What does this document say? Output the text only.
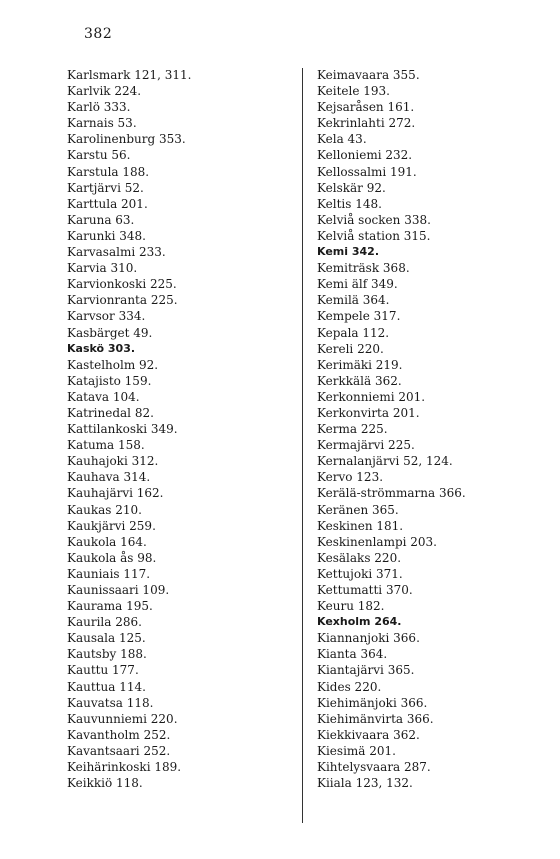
382
Karlsmark 121, 311.
Karlvik 224.
Karlö 333.
Karnais 53.
Karolinenburg 353.
Karstu 56.
Karstula 188.
Kartjärvi 52.
Karttula 201.
Karuna 63.
Karunki 348.
Karvasalmi 233.
Karvia 310.
Karvionkoski 225.
Karvionranta 225.
Karvsor 334.
Kasbärget 49.
Kaskö 303.
Kastelholm 92.
Katajisto 159.
Katava 104.
Katrinedal 82.
Kattilankoski 349.
Katuma 158.
Kauhajoki 312.
Kauhava 314.
Kauhajärvi 162.
Kaukas 210.
Kaukjärvi 259.
Kaukola 164.
Kaukola ås 98.
Kauniais 117.
Kaunissaari 109.
Kaurama 195.
Kaurila 286.
Kausala 125.
Kautsby 188.
Kauttu 177.
Kauttua 114.
Kauvatsa 118.
Kauvunniemi 220.
Kavantholm 252.
Kavantsaari 252.
Keihärinkoski 189.
Keikkiö 118.
Keimavaara 355.
Keitele 193.
Kejsaråsen 161.
Kekrinlahti 272.
Kela 43.
Kelloniemi 232.
Kellossalmi 191.
Kelskär 92.
Keltis 148.
Kelviå socken 338.
Kelviå station 315.
Kemi 342.
Kemiträsk 368.
Kemi älf 349.
Kemilä 364.
Kempele 317.
Kepala 112.
Kereli 220.
Kerimäki 219.
Kerkkälä 362.
Kerkonniemi 201.
Kerkonvirta 201.
Kerma 225.
Kermajärvi 225.
Kernalanjärvi 52, 124.
Kervo 123.
Kerälä-strömmarna 366.
Keränen 365.
Keskinen 181.
Keskinenlampi 203.
Kesälaks 220.
Kettujoki 371.
Kettumatti 370.
Keuru 182.
Kexholm 264.
Kiannanjoki 366.
Kianta 364.
Kiantajärvi 365.
Kides 220.
Kiehimänjoki 366.
Kiehimänvirta 366.
Kiekkivaara 362.
Kiesimä 201.
Kihtelysvaara 287.
Kiiala 123, 132.
